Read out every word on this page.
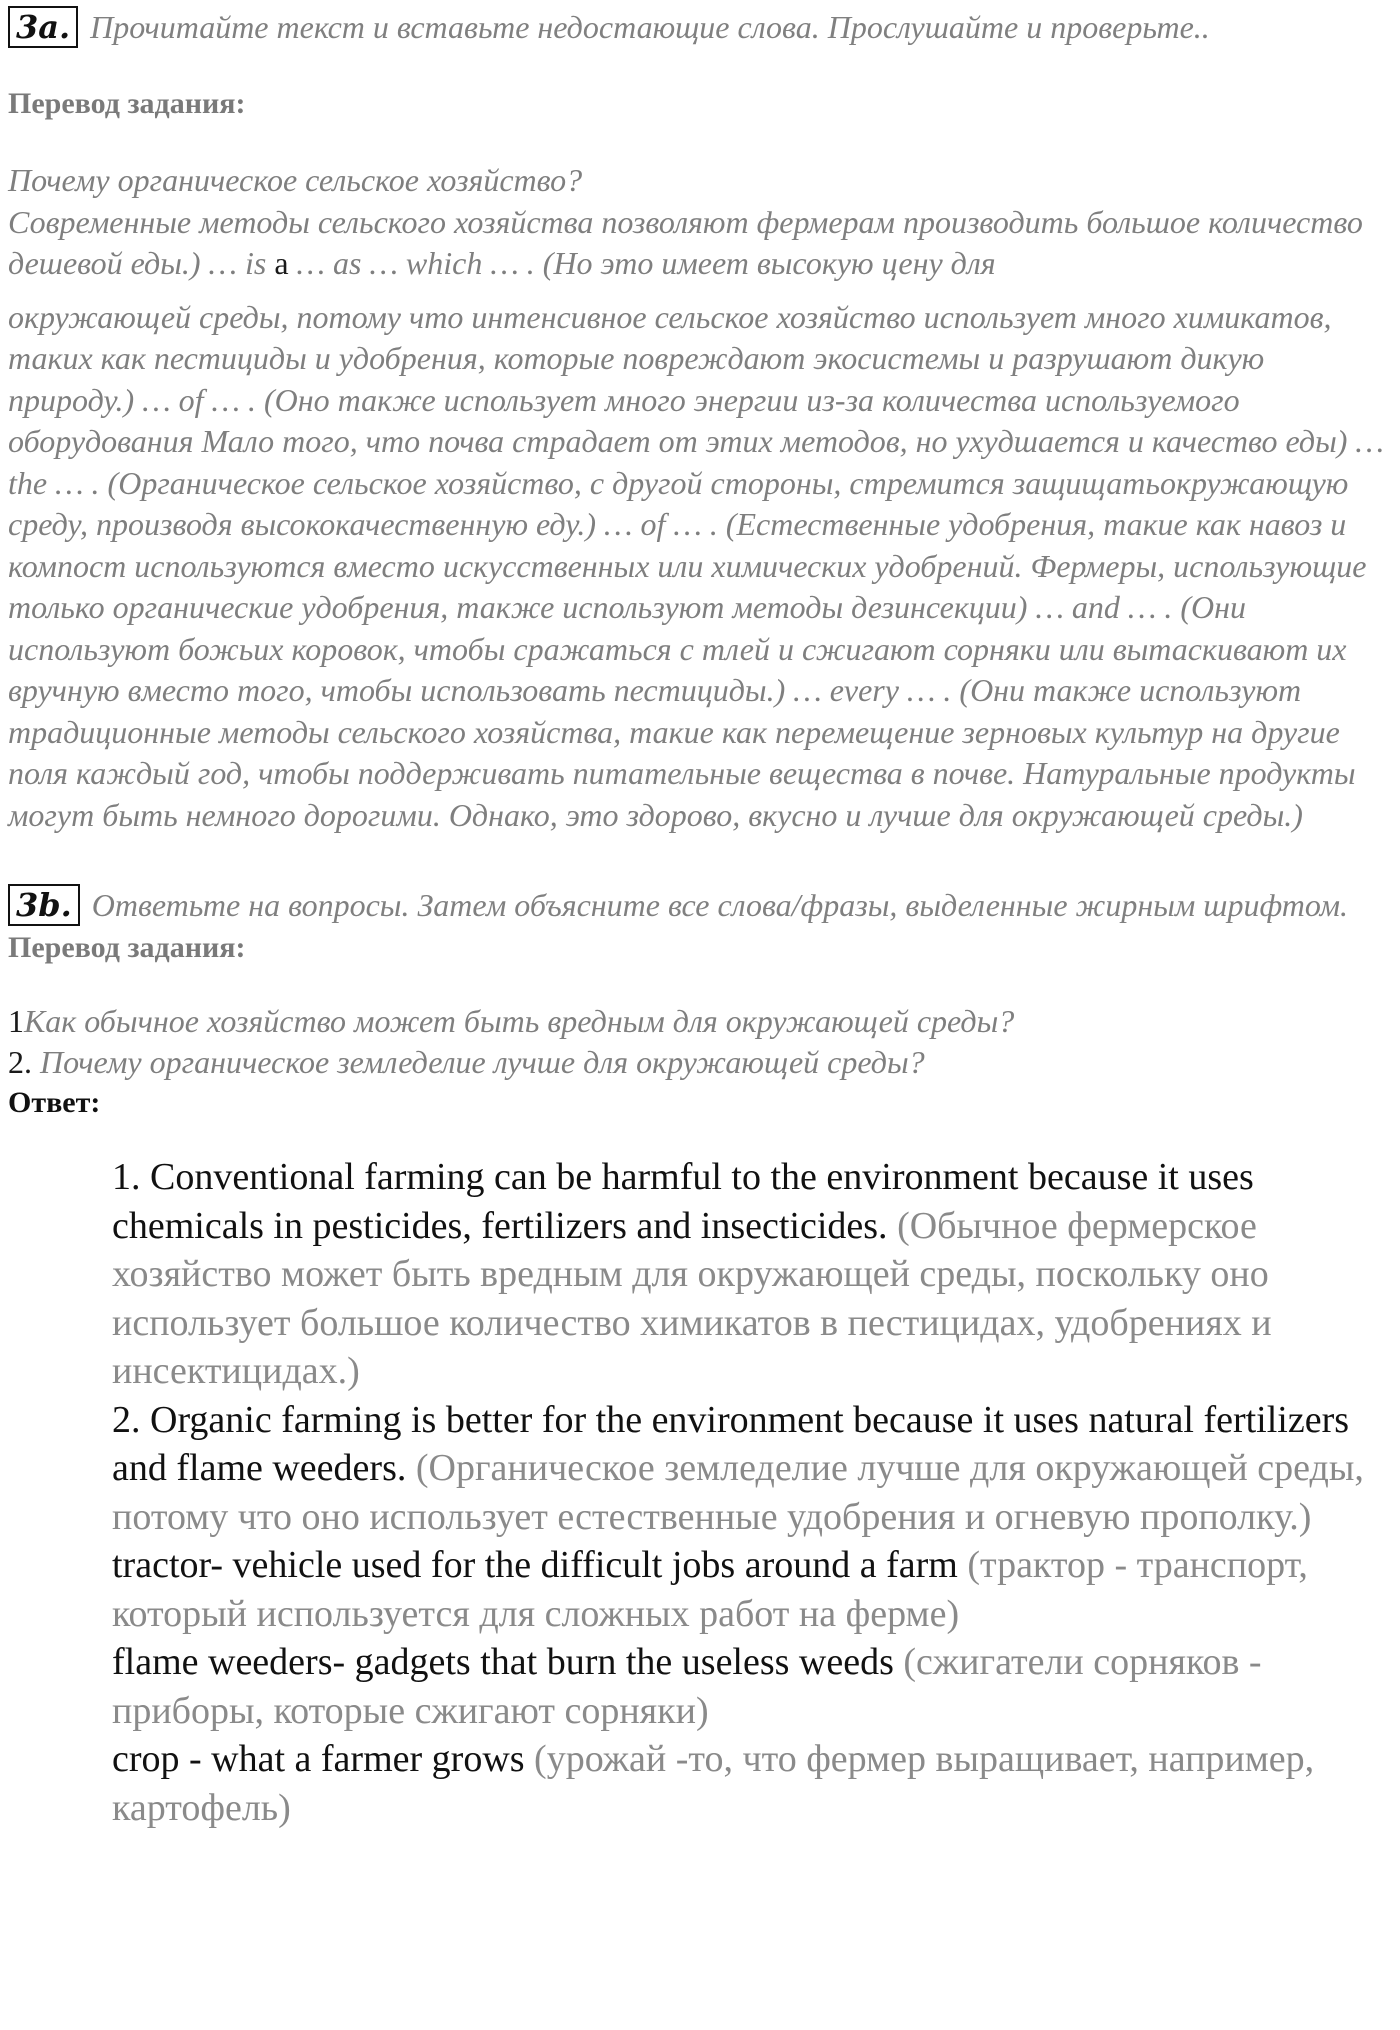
3a. Прочитайте текст и вставьте недостающие слова. Прослушайте и проверьте..
Перевод задания:
Почему органическое сельское хозяйство?
Современные методы сельского хозяйства позволяют фермерам производить большое количество дешевой еды.) … is a … as … which … . (Но это имеет высокую цену для
окружающей среды, потому что интенсивное сельское хозяйство использует много химикатов, таких как пестициды и удобрения, которые повреждают экосистемы и разрушают дикую природу.) … of … . (Оно также использует много энергии из-за количества используемого оборудования Мало того, что почва страдает от этих методов, но ухудшается и качество еды) … the … . (Органическое сельское хозяйство, с другой стороны, стремится защищатьокружающую среду, производя высококачественную еду.) … of … . (Естественные удобрения, такие как навоз и компост используются вместо искусственных или химических удобрений. Фермеры, использующие только органические удобрения, также используют методы дезинсекции) … and … . (Они используют божьих коровок, чтобы сражаться с тлей и сжигают сорняки или вытаскивают их вручную вместо того, чтобы использовать пестициды.) … every … . (Они также используют традиционные методы сельского хозяйства, такие как перемещение зерновых культур на другие поля каждый год, чтобы поддерживать питательные вещества в почве. Натуральные продукты могут быть немного дорогими. Однако, это здорово, вкусно и лучше для окружающей среды.)
3b. Ответьте на вопросы. Затем объясните все слова/фразы, выделенные жирным шрифтом.
Перевод задания:
1Как обычное хозяйство может быть вредным для окружающей среды?
2. Почему органическое земледелие лучше для окружающей среды?
Ответ:

1. Conventional farming can be harmful to the environment because it uses chemicals in pesticides, fertilizers and insecticides. (Обычное фермерское хозяйство может быть вредным для окружающей среды, поскольку оно использует большое количество химикатов в пестицидах, удобрениях и инсектицидах.)

2. Organic farming is better for the environment because it uses natural fertilizers and flame weeders. (Органическое земледелие лучше для окружающей среды, потому что оно использует естественные удобрения и огневую прополку.)

tractor- vehicle used for the difficult jobs around a farm (трактор - транспорт, который используется для сложных работ на ферме)

flame weeders- gadgets that burn the useless weeds (сжигатели сорняков - приборы, которые сжигают сорняки)

crop - what a farmer grows (урожай -то, что фермер выращивает, например, картофель)
